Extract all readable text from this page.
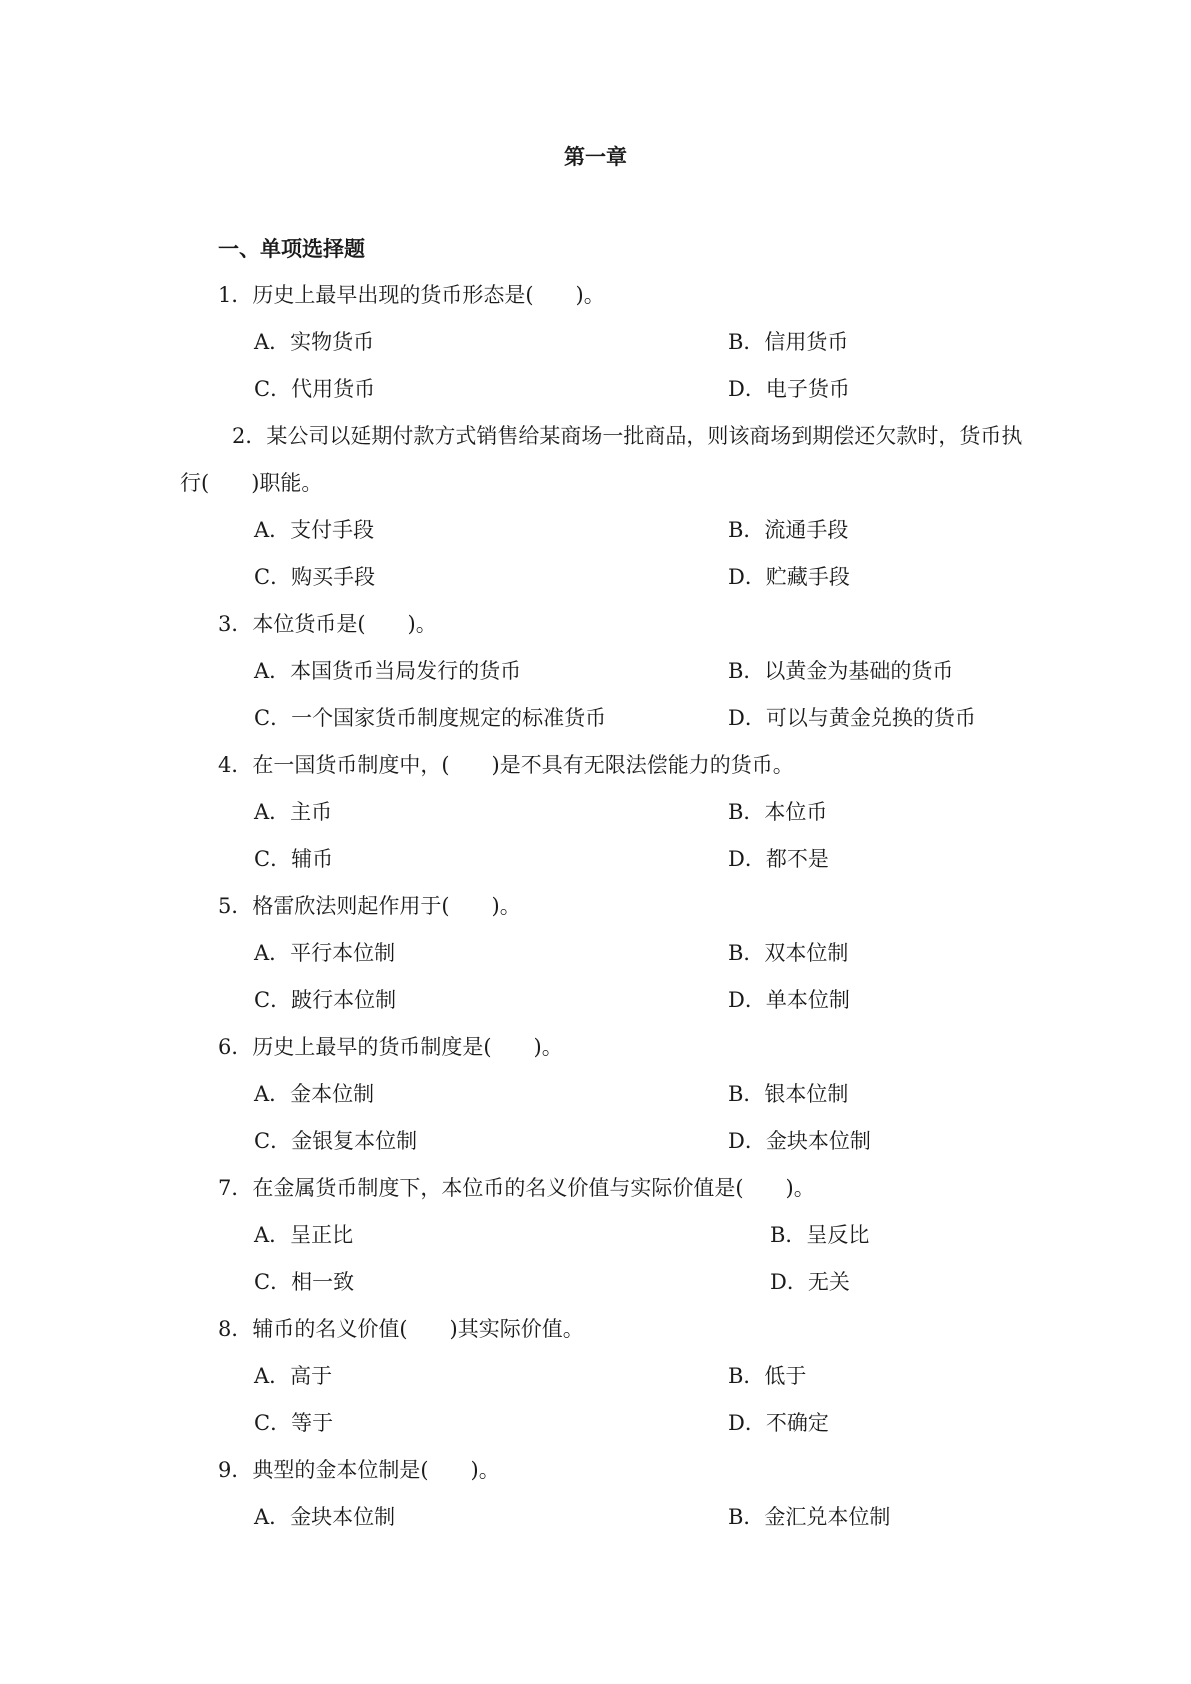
第一章
一、单项选择题
1．历史上最早出现的货币形态是(　　)。
A．实物货币	B．信用货币
C．代用货币	D．电子货币
2．某公司以延期付款方式销售给某商场一批商品，则该商场到期偿还欠款时，货币执
行(　　)职能。
A．支付手段	B．流通手段
C．购买手段	D．贮藏手段
3．本位货币是(　　)。
A．本国货币当局发行的货币	B．以黄金为基础的货币
C．一个国家货币制度规定的标准货币	D．可以与黄金兑换的货币
4．在一国货币制度中，(　　)是不具有无限法偿能力的货币。
A．主币	B．本位币
C．辅币	D．都不是
5．格雷欣法则起作用于(　　)。
A．平行本位制	B．双本位制
C．跛行本位制	D．单本位制
6．历史上最早的货币制度是(　　)。
A．金本位制	B．银本位制
C．金银复本位制	D．金块本位制
7．在金属货币制度下，本位币的名义价值与实际价值是(　　)。
A．呈正比	B．呈反比
C．相一致	D．无关
8．辅币的名义价值(　　)其实际价值。
A．高于	B．低于
C．等于	D．不确定
9．典型的金本位制是(　　)。
A．金块本位制	B．金汇兑本位制
